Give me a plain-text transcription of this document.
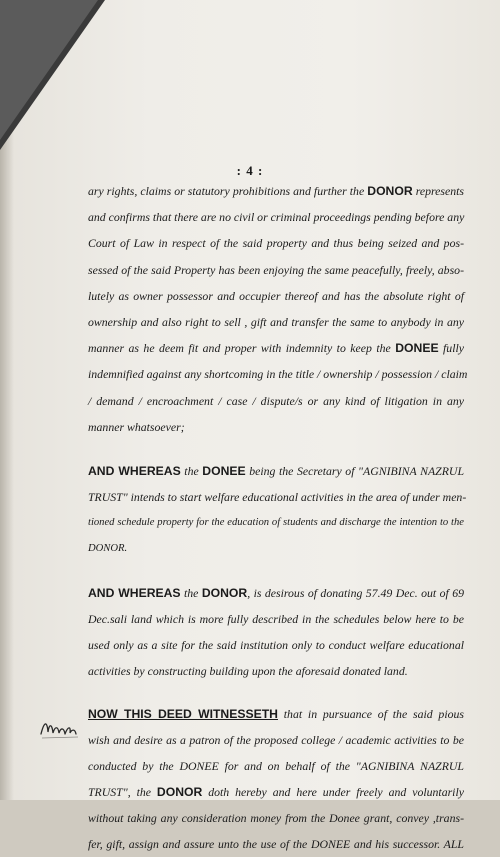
: 4 :

ary rights, claims or statutory prohibitions and further the DONOR represents
and confirms that there are no civil or criminal proceedings pending before any
Court of Law in respect of the said property and thus being seized and pos-
sessed of the said Property has been enjoying the same peacefully, freely, abso-
lutely as owner possessor and occupier thereof and has the absolute right of
ownership and also right to sell , gift and transfer the same to anybody in any
manner as he deem fit and proper with indemnity to keep the DONEE fully
indemnified against any shortcoming in the title / ownership / possession / claim
/ demand / encroachment / case / dispute/s or any kind of litigation in any
manner whatsoever;

AND WHEREAS the DONEE being the Secretary of "AGNIBINA NAZRUL
TRUST" intends to start welfare educational activities in the area of under men-
tioned schedule property for the education of students and discharge the intention to the
DONOR.

AND WHEREAS the DONOR, is desirous of donating 57.49 Dec. out of 69
Dec.sali land which is more fully described in the schedules below here to be
used only as a site for the said institution only to conduct welfare educational
activities by constructing building upon the aforesaid donated land.

NOW THIS DEED WITNESSETH that in pursuance of the said pious
wish and desire as a patron of the proposed college / academic activities to be
conducted by the DONEE for and on behalf of the "AGNIBINA NAZRUL
TRUST", the DONOR doth hereby and here under freely and voluntarily
without taking any consideration money from the Donee grant, convey ,trans-
fer, gift, assign and assure unto the use of the DONEE and his successor. ALL
